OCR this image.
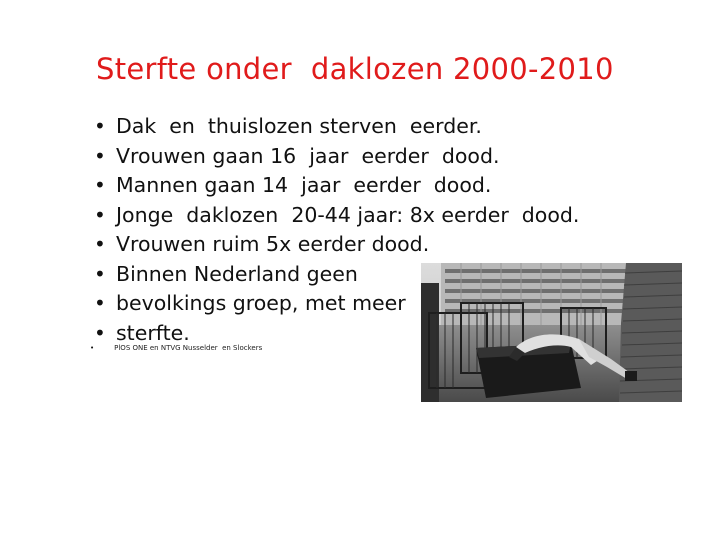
Sterfte onder  daklozen 2000-2010
• Dak  en  thuislozen sterven  eerder.
• Vrouwen gaan 16  jaar  eerder  dood.
• Mannen gaan 14  jaar  eerder  dood.
• Jonge  daklozen  20-44 jaar: 8x eerder  dood.
• Vrouwen ruim 5x eerder dood.
• Binnen Nederland geen
• bevolkings groep, met meer
• sterfte.
•	PlOS ONE en NTVG Nusselder  en Slockers
